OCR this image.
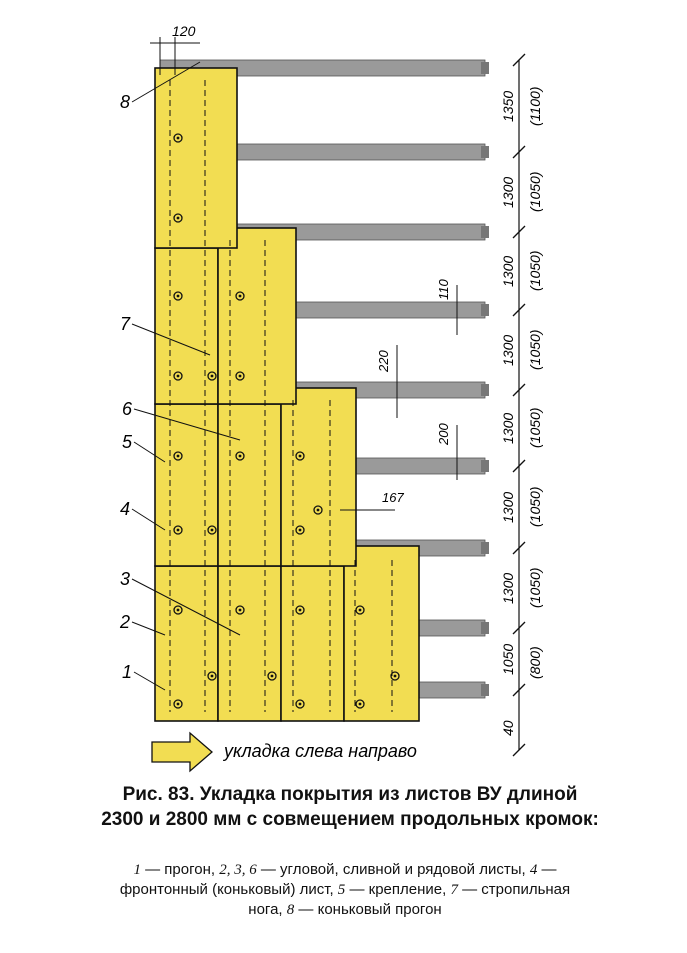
1350 (1100)
1300 (1050)
1300 (1050)
1300 (1050)
1300 (1050)
1300 (1050)
1300 (1050)
1050 (800)
40
120
110
220
200
167
8
7
6
5
4
3
2
1
укладка слева направо
Рис. 83. Укладка покрытия из листов ВУ длиной 2300 и 2800 мм с совмещением продольных кромок:
1 — прогон, 2, 3, 6 — угловой, сливной и рядовой листы, 4 — фронтонный (коньковый) лист, 5 — крепление, 7 — стропильная нога, 8 — коньковый прогон
